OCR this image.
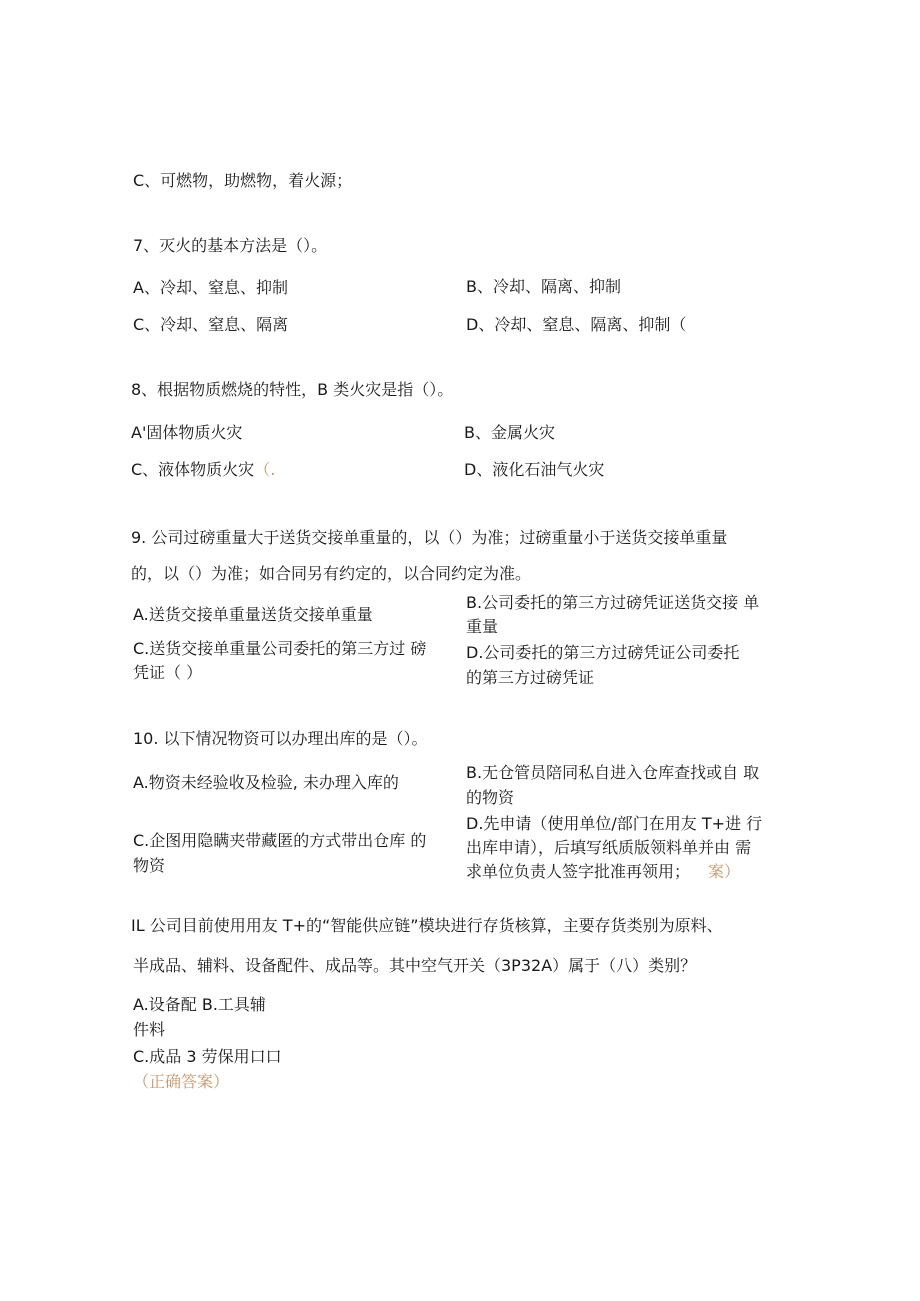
C、可燃物，助燃物，着火源；
7、灭火的基本方法是（）。
A、冷却、窒息、抑制	B、冷却、隔离、抑制
C、冷却、窒息、隔离	D、冷却、窒息、隔离、抑制（
8、根据物质燃烧的特性，B 类火灾是指（）。
A'固体物质火灾	B、金属火灾
C、液体物质火灾（.	D、液化石油气火灾
9. 公司过磅重量大于送货交接单重量的，以（）为准；过磅重量小于送货交接单重量
的，以（）为准；如合同另有约定的，以合同约定为准。
A.送货交接单重量送货交接单重量
B.公司委托的第三方过磅凭证送货交接 单
重量
C.送货交接单重量公司委托的第三方过 磅
凭证（ ）
D.公司委托的第三方过磅凭证公司委托
的第三方过磅凭证
10. 以下情况物资可以办理出库的是（）。
A.物资未经验收及检验, 未办理入库的
B.无仓管员陪同私自进入仓库查找或自 取
的物资
C.企图用隐瞒夹带藏匿的方式带出仓库 的
物资
D.先申请（使用单位/部门在用友 T+进 行
出库申请），后填写纸质版领料单并由 需
求单位负责人签字批准再领用； 案）
IL 公司目前使用用友 T+的“智能供应链”模块进行存货核算，主要存货类别为原料、
半成品、辅料、设备配件、成品等。其中空气开关（3P32A）属于（八）类别？
A.设备配 B.工具辅
件料
C.成品 3 劳保用口口
（正确答案）
